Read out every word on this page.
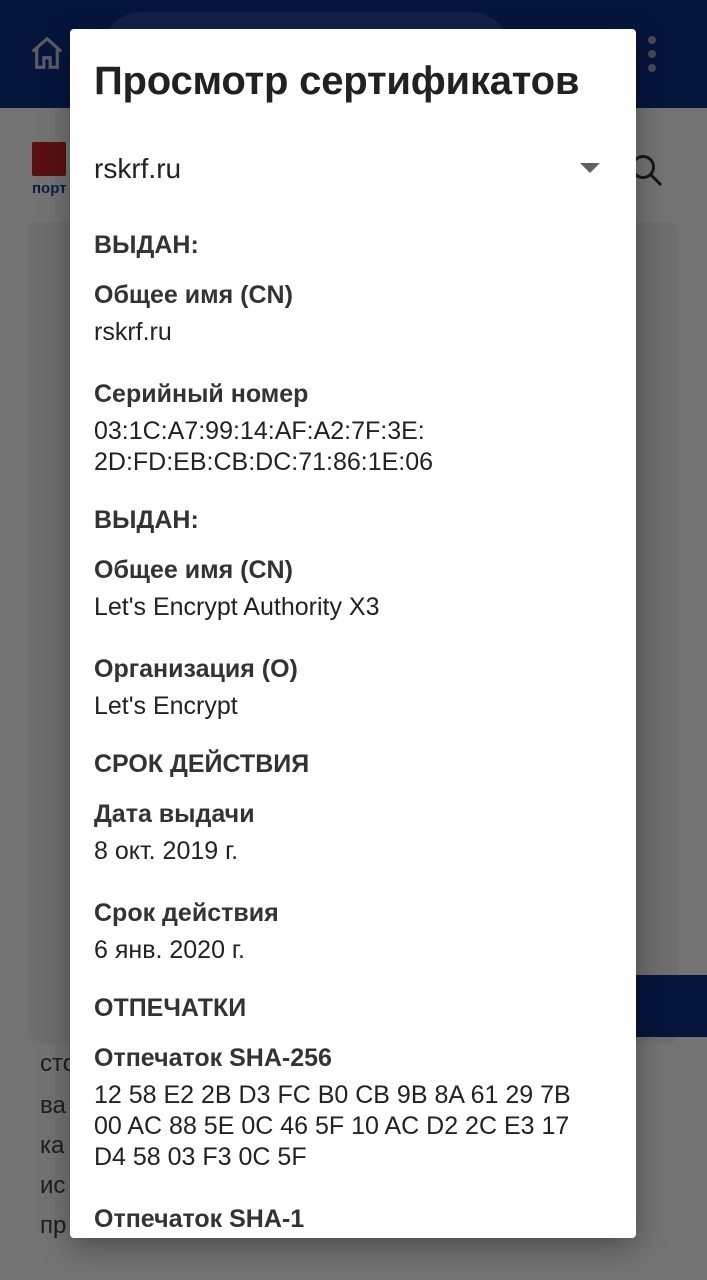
Просмотр сертификатов
rskrf.ru

ВЫДАН:

Общее имя (CN)

rskrf.ru

Серийный номер

03:1C:A7:99:14:AF:A2:7F:3E:
2D:FD:EB:CB:DC:71:86:1E:06

ВЫДАН:

Общее имя (CN)

Let's Encrypt Authority X3

Организация (O)

Let's Encrypt

СРОК ДЕЙСТВИЯ

Дата выдачи

8 окт. 2019 г.

Срок действия

6 янв. 2020 г.

ОТПЕЧАТКИ

Отпечаток SHA-256

12 58 E2 2B D3 FC B0 CB 9B 8A 61 29 7B
00 AC 88 5E 0C 46 5F 10 AC D2 2C E3 17
D4 58 03 F3 0C 5F

Отпечаток SHA-1
